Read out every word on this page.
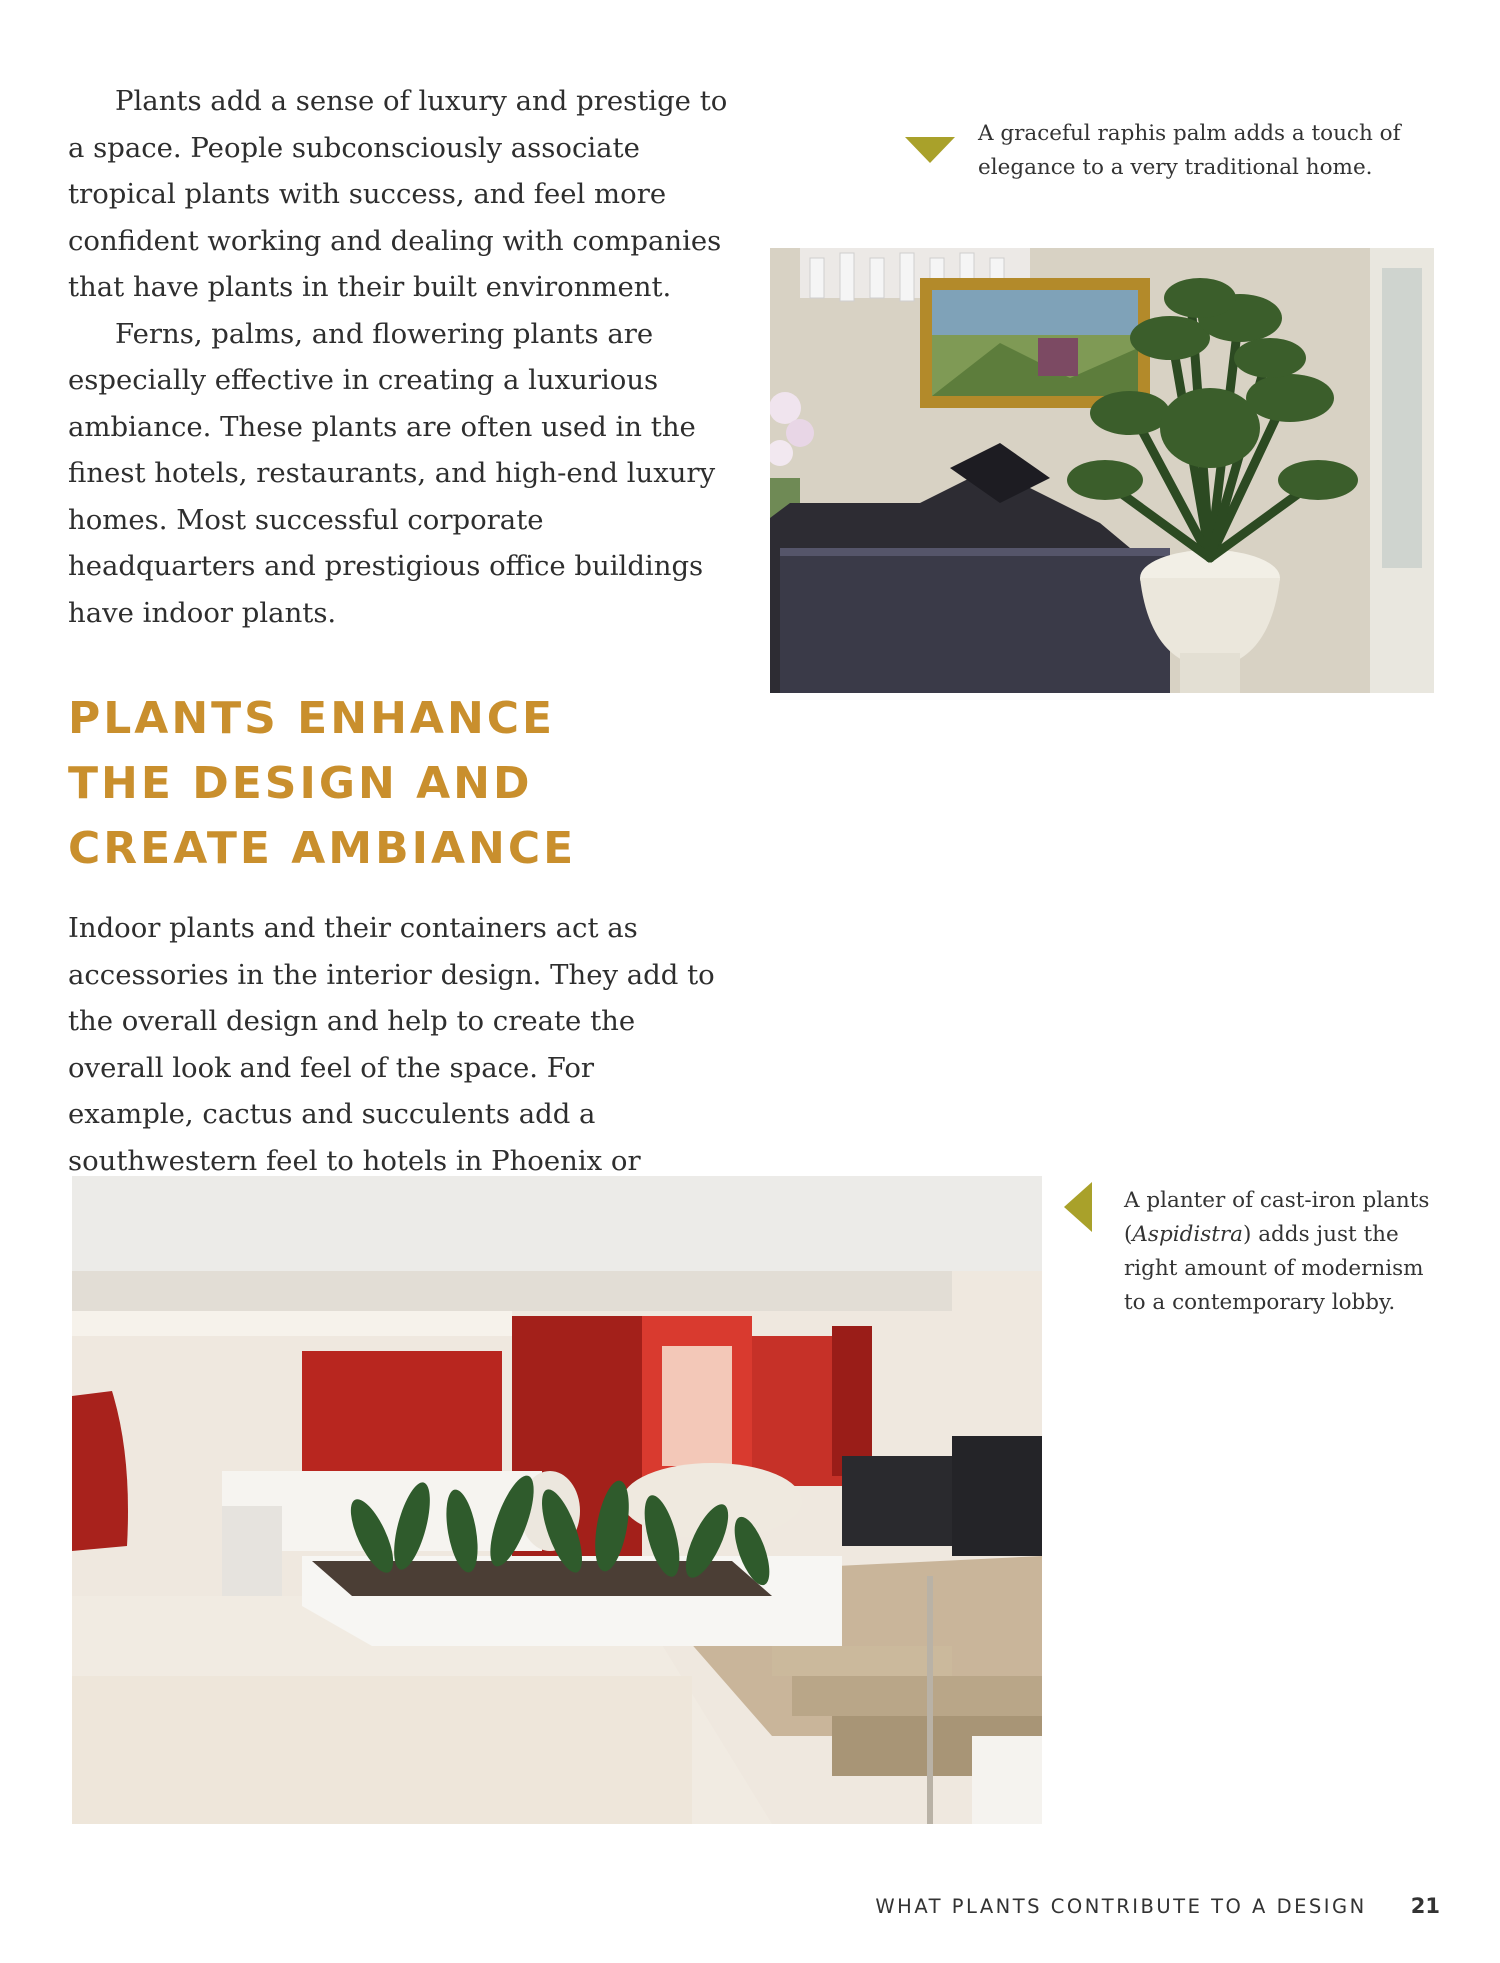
Plants add a sense of luxury and prestige to a space. People subconsciously associate tropical plants with success, and feel more confident working and dealing with companies that have plants in their built environment.

Ferns, palms, and flowering plants are especially effective in creating a luxurious ambiance. These plants are often used in the finest hotels, restaurants, and high-end luxury homes. Most successful corporate headquarters and prestigious office buildings have indoor plants.

A graceful raphis palm adds a touch of elegance to a very traditional home.

PLANTS ENHANCE
THE DESIGN AND
CREATE AMBIANCE

Indoor plants and their containers act as accessories in the interior design. They add to the overall design and help to create the overall look and feel of the space. For example, cactus and succulents add a southwestern feel to hotels in Phoenix or

A planter of cast-iron plants (Aspidistra) adds just the right amount of modernism to a contemporary lobby.

WHAT PLANTS CONTRIBUTE TO A DESIGN 21
